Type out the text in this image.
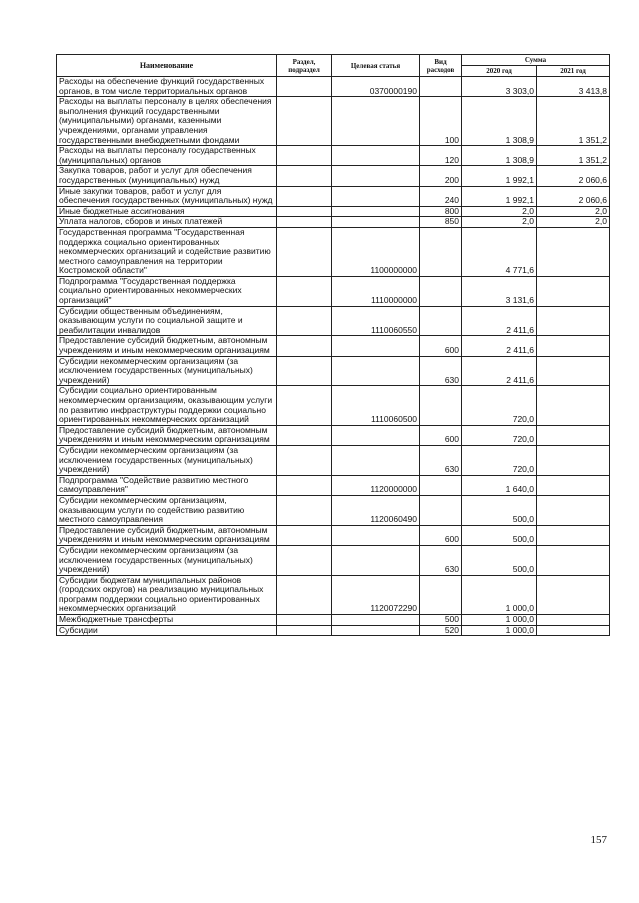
Наименование	Раздел, подраздел	Целевая статья	Вид расходов	Сумма	
				2020 год	2021 год
Расходы на обеспечение функций государственных органов, в том числе территориальных органов		0370000190		3 303,0	3 413,8
Расходы на выплаты персоналу в целях обеспечения выполнения функций государственными (муниципальными) органами, казенными учреждениями, органами управления государственными внебюджетными фондами			100	1 308,9	1 351,2
Расходы на выплаты персоналу государственных (муниципальных) органов			120	1 308,9	1 351,2
Закупка товаров, работ и услуг для обеспечения государственных (муниципальных) нужд			200	1 992,1	2 060,6
Иные закупки товаров, работ и услуг для обеспечения государственных (муниципальных) нужд			240	1 992,1	2 060,6
Иные бюджетные ассигнования			800	2,0	2,0
Уплата налогов, сборов и иных платежей			850	2,0	2,0
Государственная программа "Государственная поддержка социально ориентированных некоммерческих организаций и содействие развитию местного самоуправления на территории Костромской области"		1100000000		4 771,6	
Подпрограмма "Государственная поддержка социально ориентированных некоммерческих организаций"		1110000000		3 131,6	
Субсидии общественным объединениям, оказывающим услуги по социальной защите и реабилитации инвалидов		1110060550		2 411,6	
Предоставление субсидий бюджетным, автономным учреждениям и иным некоммерческим организациям			600	2 411,6	
Субсидии некоммерческим организациям (за исключением государственных (муниципальных) учреждений)			630	2 411,6	
Субсидии социально ориентированным некоммерческим организациям, оказывающим услуги по развитию инфраструктуры поддержки социально ориентированных некоммерческих организаций		1110060500		720,0	
Предоставление субсидий бюджетным, автономным учреждениям и иным некоммерческим организациям			600	720,0	
Субсидии некоммерческим организациям (за исключением государственных (муниципальных) учреждений)			630	720,0	
Подпрограмма "Содействие развитию местного самоуправления"		1120000000		1 640,0	
Субсидии некоммерческим организациям, оказывающим услуги по содействию развитию местного самоуправления		1120060490		500,0	
Предоставление субсидий бюджетным, автономным учреждениям и иным некоммерческим организациям			600	500,0	
Субсидии некоммерческим организациям (за исключением государственных (муниципальных) учреждений)			630	500,0	
Субсидии бюджетам муниципальных районов (городских округов) на реализацию муниципальных программ поддержки социально ориентированных некоммерческих организаций		1120072290		1 000,0	
Межбюджетные трансферты			500	1 000,0	
Субсидии			520	1 000,0	
157
